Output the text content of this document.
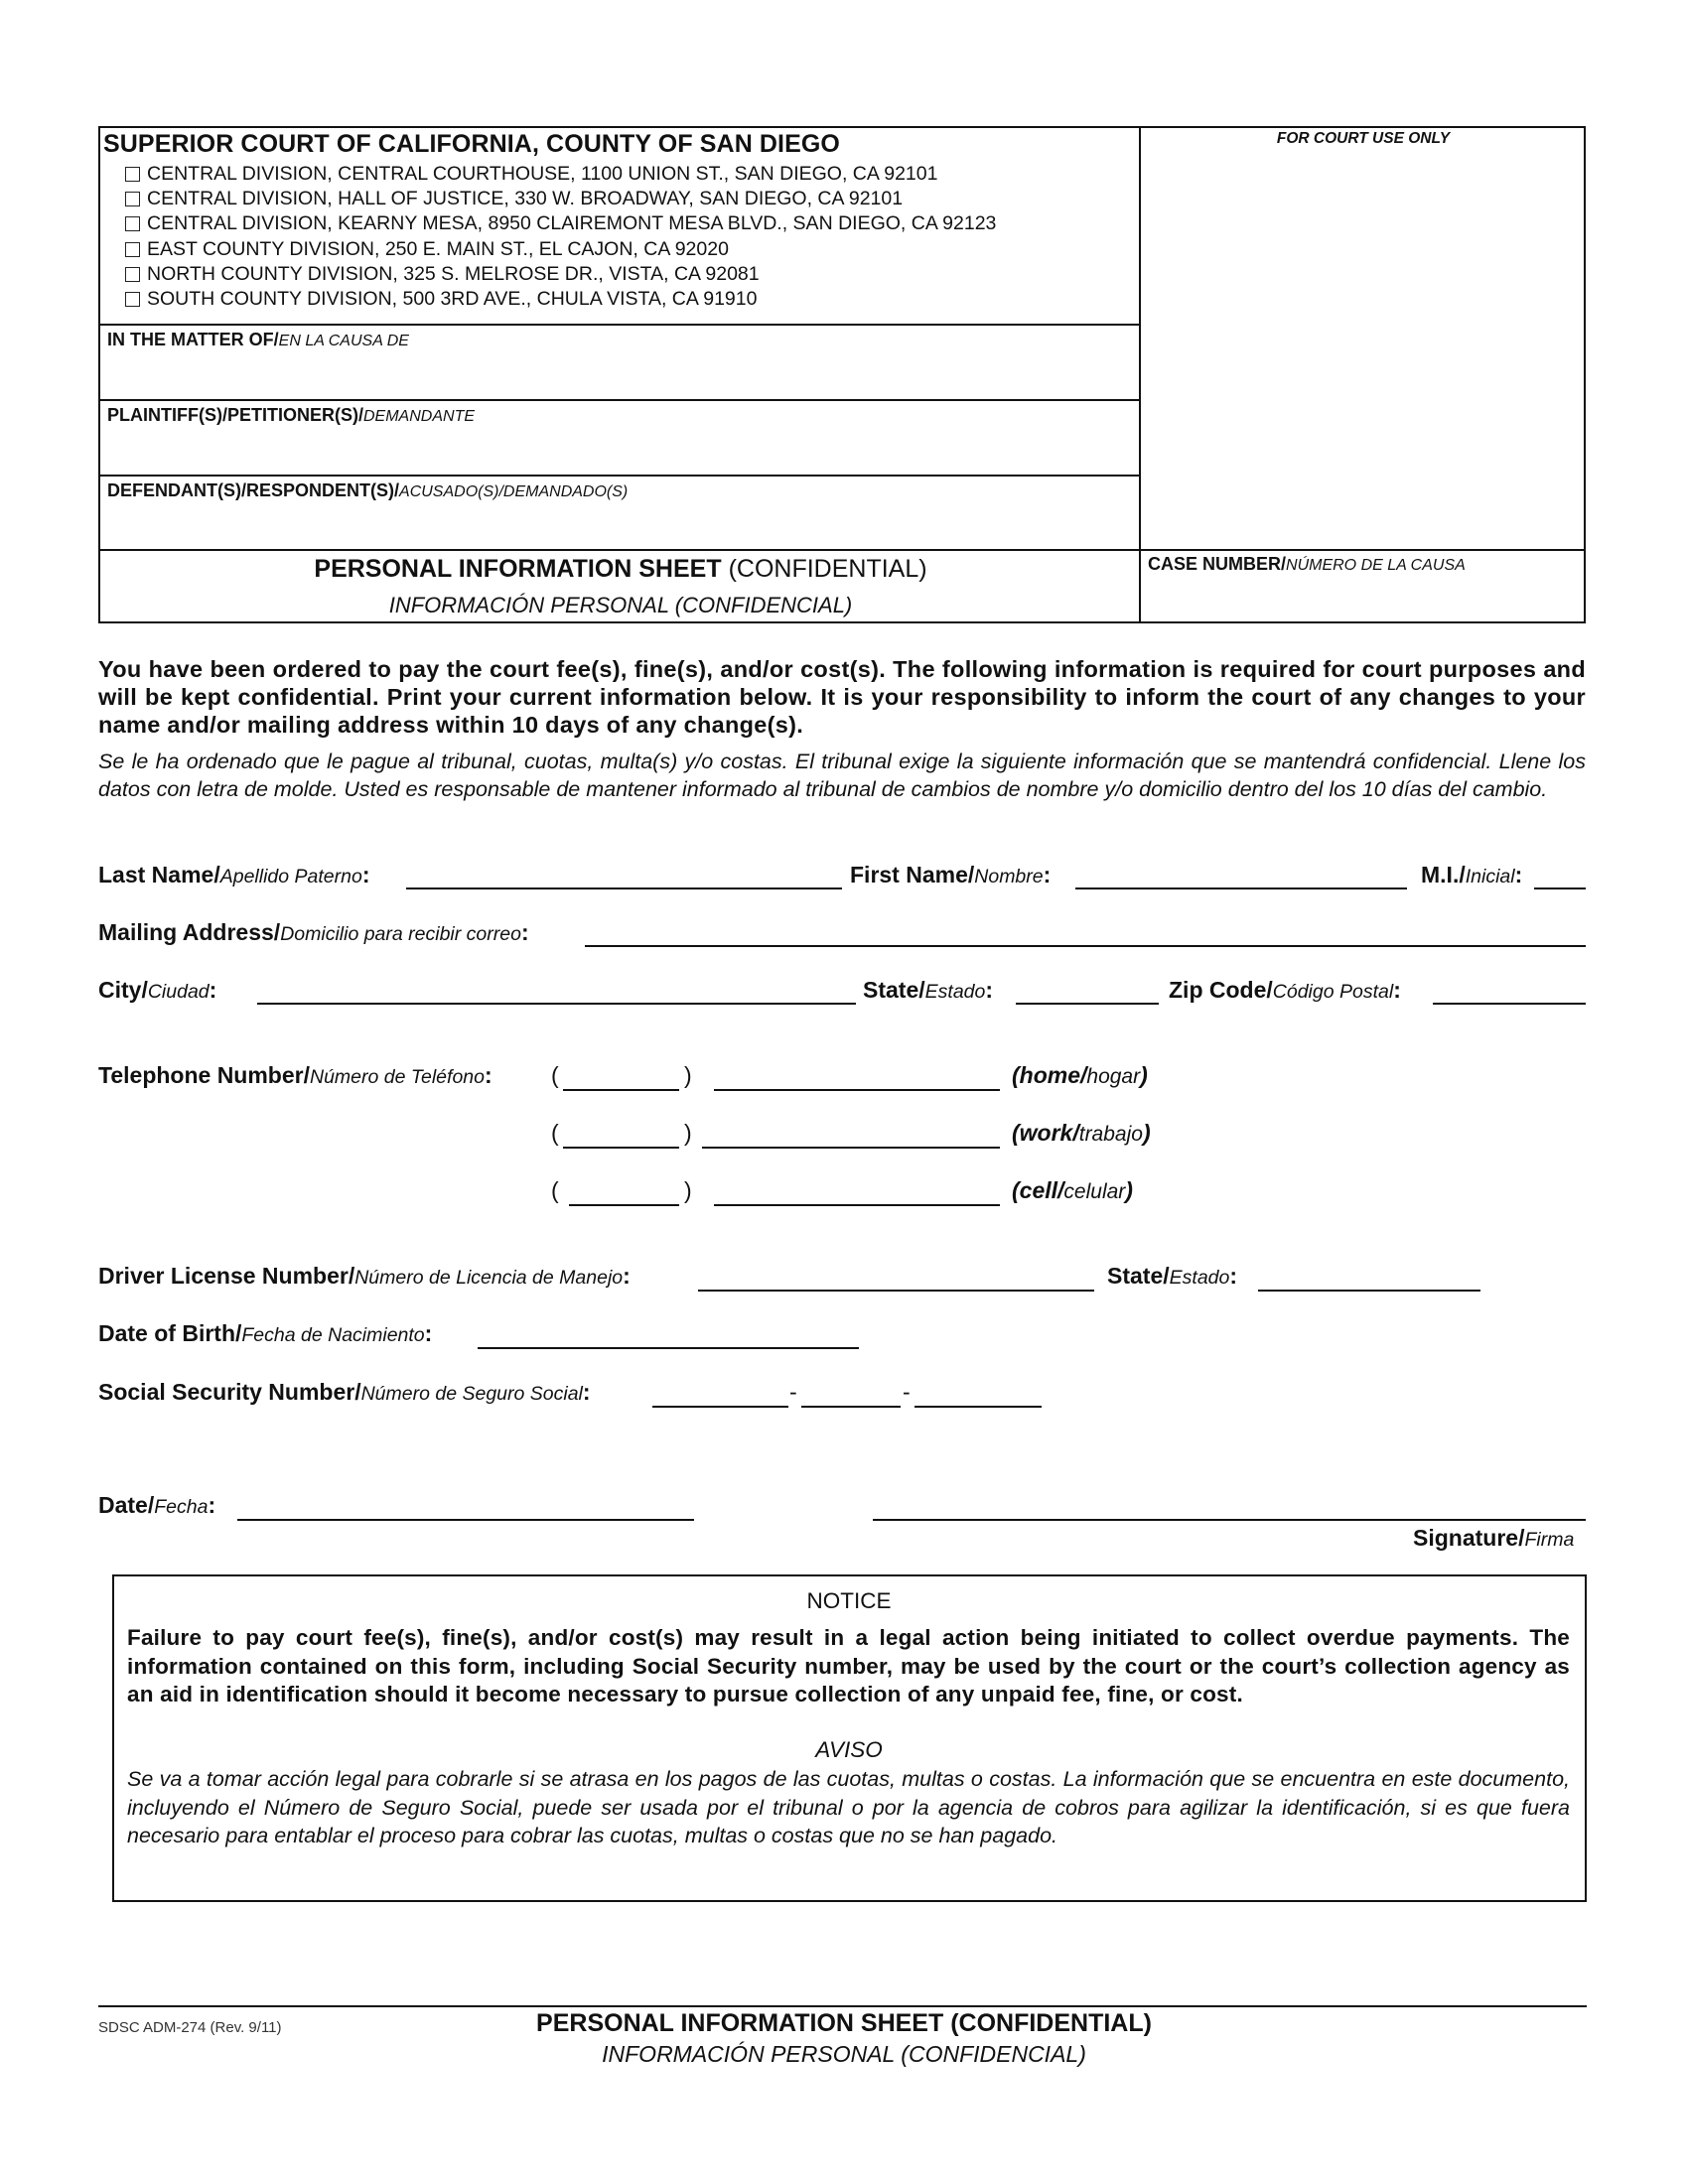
SUPERIOR COURT OF CALIFORNIA, COUNTY OF SAN DIEGO
CENTRAL DIVISION, CENTRAL COURTHOUSE, 1100 UNION ST., SAN DIEGO, CA 92101
CENTRAL DIVISION, HALL OF JUSTICE, 330 W. BROADWAY, SAN DIEGO, CA 92101
CENTRAL DIVISION, KEARNY MESA, 8950 CLAIREMONT MESA BLVD., SAN DIEGO, CA 92123
EAST COUNTY DIVISION, 250 E. MAIN ST., EL CAJON, CA 92020
NORTH COUNTY DIVISION, 325 S. MELROSE DR., VISTA, CA 92081
SOUTH COUNTY DIVISION, 500 3RD AVE., CHULA VISTA, CA 91910
FOR COURT USE ONLY
IN THE MATTER OF/EN LA CAUSA DE
PLAINTIFF(S)/PETITIONER(S)/DEMANDANTE
DEFENDANT(S)/RESPONDENT(S)/ACUSADO(S)/DEMANDADO(S)
PERSONAL INFORMATION SHEET (CONFIDENTIAL)
INFORMACIÓN PERSONAL (CONFIDENCIAL)
CASE NUMBER/NÚMERO DE LA CAUSA
You have been ordered to pay the court fee(s), fine(s), and/or cost(s). The following information is required for court purposes and will be kept confidential. Print your current information below. It is your responsibility to inform the court of any changes to your name and/or mailing address within 10 days of any change(s).
Se le ha ordenado que le pague al tribunal, cuotas, multa(s) y/o costas. El tribunal exige la siguiente información que se mantendrá confidencial. Llene los datos con letra de molde. Usted es responsable de mantener informado al tribunal de cambios de nombre y/o domicilio dentro del los 10 días del cambio.
Last Name/Apellido Paterno:	First Name/Nombre:	M.I./Inicial:
Mailing Address/Domicilio para recibir correo:
City/Ciudad:	State/Estado:	Zip Code/Código Postal:
Telephone Number/Número de Teléfono:	(	)	(home/hogar)
(	)	(work/trabajo)
(	)	(cell/celular)
Driver License Number/Número de Licencia de Manejo:	State/Estado:
Date of Birth/Fecha de Nacimiento:
Social Security Number/Número de Seguro Social:	-	-
Date/Fecha:
Signature/Firma
NOTICE
Failure to pay court fee(s), fine(s), and/or cost(s) may result in a legal action being initiated to collect overdue payments. The information contained on this form, including Social Security number, may be used by the court or the court’s collection agency as an aid in identification should it become necessary to pursue collection of any unpaid fee, fine, or cost.
AVISO
Se va a tomar acción legal para cobrarle si se atrasa en los pagos de las cuotas, multas o costas. La información que se encuentra en este documento, incluyendo el Número de Seguro Social, puede ser usada por el tribunal o por la agencia de cobros para agilizar la identificación, si es que fuera necesario para entablar el proceso para cobrar las cuotas, multas o costas que no se han pagado.
SDSC ADM-274 (Rev. 9/11)	PERSONAL INFORMATION SHEET (CONFIDENTIAL)
INFORMACIÓN PERSONAL (CONFIDENCIAL)
